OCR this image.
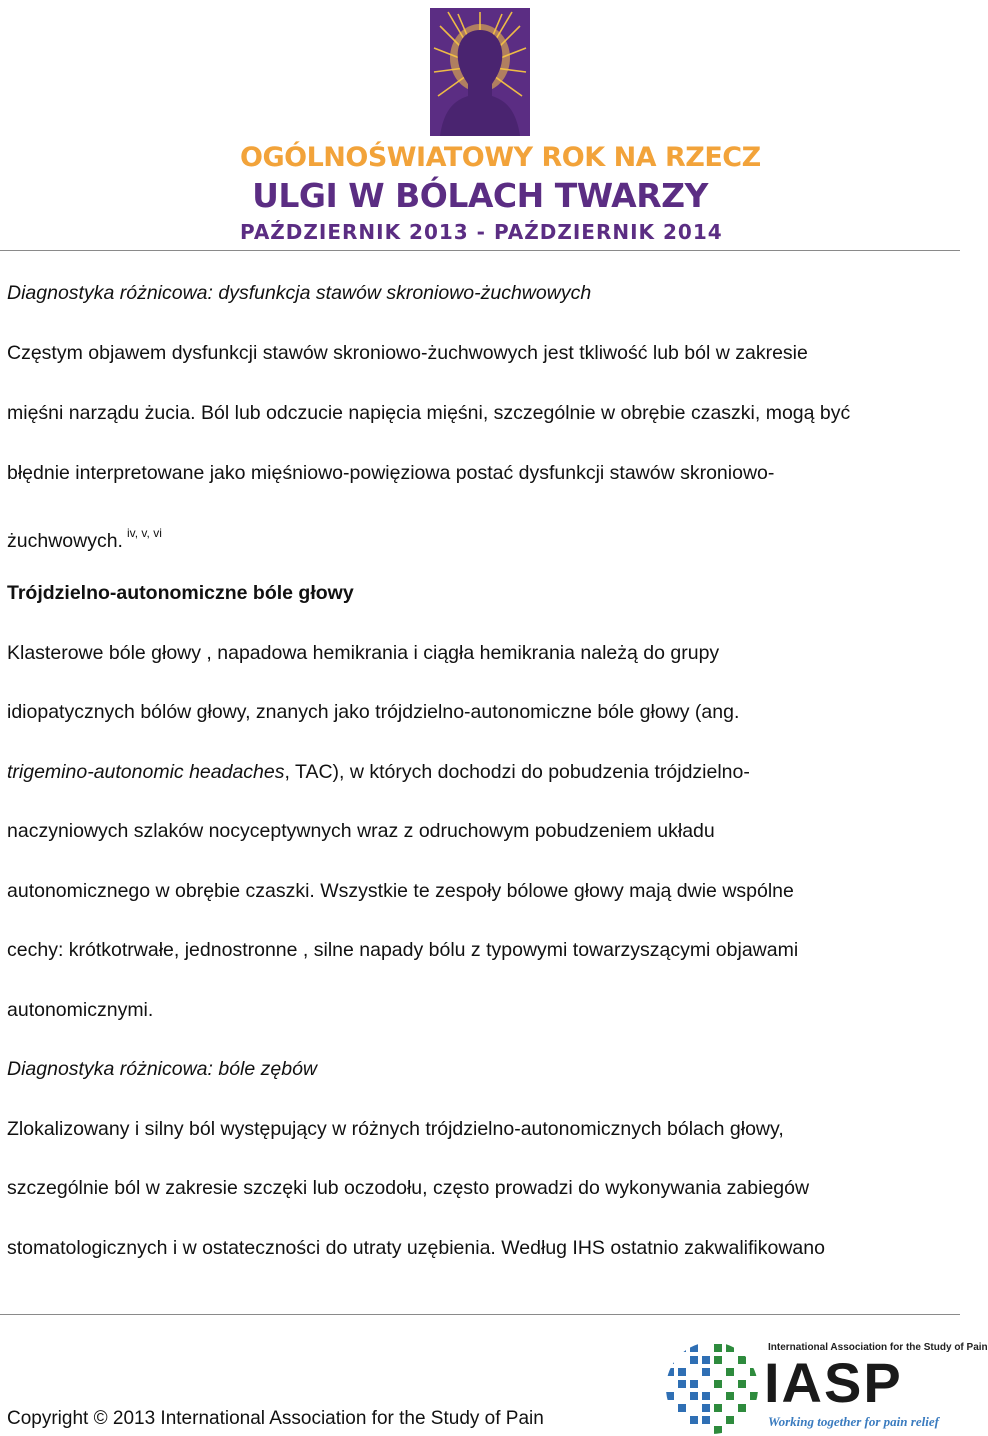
OGÓLNOŚWIATOWY ROK NA RZECZ
ULGI W BÓLACH TWARZY
PAŹDZIERNIK 2013 - PAŹDZIERNIK 2014
Diagnostyka różnicowa: dysfunkcja stawów skroniowo-żuchwowych
Częstym objawem dysfunkcji stawów skroniowo-żuchwowych jest tkliwość lub ból w zakresie
mięśni narządu żucia. Ból lub odczucie napięcia mięśni, szczególnie w obrębie czaszki, mogą być
błędnie interpretowane jako mięśniowo-powięziowa postać dysfunkcji stawów skroniowo-
żuchwowych. $^{iv, v, vi}$
Trójdzielno-autonomiczne bóle głowy
Klasterowe bóle głowy , napadowa hemikrania i ciągła hemikrania należą do grupy
idiopatycznych bólów głowy, znanych jako trójdzielno-autonomiczne bóle głowy (ang.
trigemino-autonomic headaches, TAC), w których dochodzi do pobudzenia trójdzielno-
naczyniowych szlaków nocyceptywnych wraz z odruchowym pobudzeniem układu
autonomicznego w obrębie czaszki. Wszystkie te zespoły bólowe głowy mają dwie wspólne
cechy: krótkotrwałe, jednostronne , silne napady bólu z typowymi towarzyszącymi objawami
autonomicznymi.
Diagnostyka różnicowa: bóle zębów
Zlokalizowany i silny ból występujący w różnych trójdzielno-autonomicznych bólach głowy,
szczególnie ból w zakresie szczęki lub oczodołu, często prowadzi do wykonywania zabiegów
stomatologicznych i w ostateczności do utraty uzębienia. Według IHS ostatnio zakwalifikowano
Copyright © 2013 International Association for the Study of Pain
International Association for the Study of Pain
IASP
Working together for pain relief
